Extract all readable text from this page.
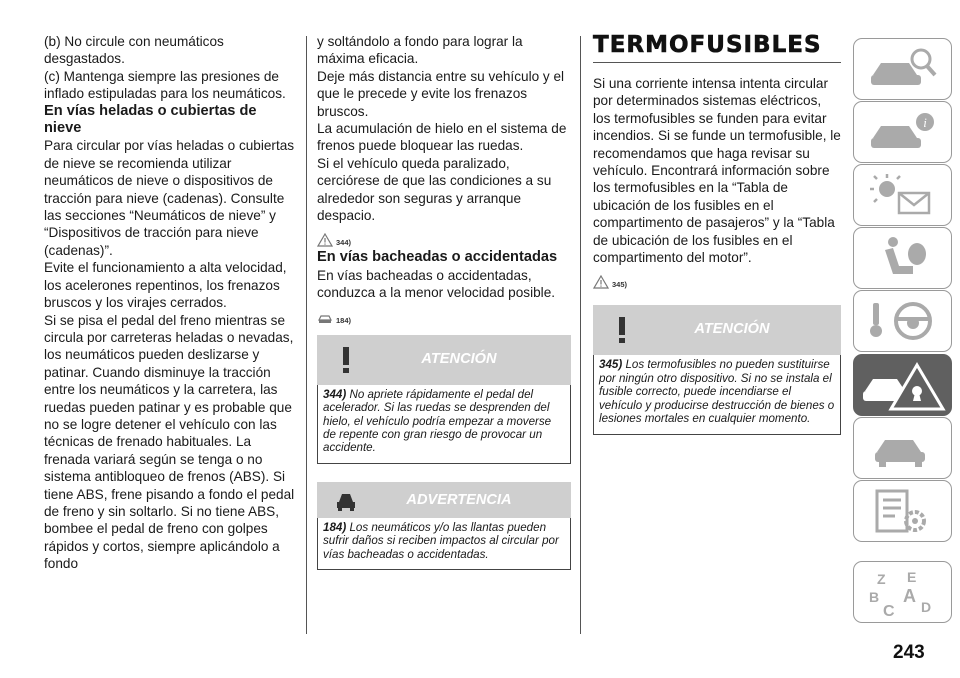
(b) No circule con neumáticos desgastados.

(c) Mantenga siempre las presiones de inflado estipuladas para los neumáticos.

En vías heladas o cubiertas de nieve

Para circular por vías heladas o cubiertas de nieve se recomienda utilizar neumáticos de nieve o dispositivos de tracción para nieve (cadenas). Consulte las secciones “Neumáticos de nieve” y “Dispositivos de tracción para nieve (cadenas)”.

Evite el funcionamiento a alta velocidad, los acelerones repentinos, los frenazos bruscos y los virajes cerrados.

Si se pisa el pedal del freno mientras se circula por carreteras heladas o nevadas, los neumáticos pueden deslizarse y patinar. Cuando disminuye la tracción entre los neumáticos y la carretera, las ruedas pueden patinar y es probable que no se logre detener el vehículo con las técnicas de frenado habituales. La frenada variará según se tenga o no sistema antibloqueo de frenos (ABS). Si tiene ABS, frene pisando a fondo el pedal de freno y sin soltarlo. Si no tiene ABS, bombee el pedal de freno con golpes rápidos y cortos, siempre aplicándolo a fondo

y soltándolo a fondo para lograr la máxima eficacia.

Deje más distancia entre su vehículo y el que le precede y evite los frenazos bruscos.

La acumulación de hielo en el sistema de frenos puede bloquear las ruedas.

Si el vehículo queda paralizado, cerciórese de que las condiciones a su alrededor son seguras y arranque despacio.

344)
En vías bacheadas o accidentadas

En vías bacheadas o accidentadas, conduzca a la menor velocidad posible.

184)
ATENCIÓN
344) No apriete rápidamente el pedal del acelerador. Si las ruedas se desprenden del hielo, el vehículo podría empezar a moverse de repente con gran riesgo de provocar un accidente.
ADVERTENCIA
184) Los neumáticos y/o las llantas pueden sufrir daños si reciben impactos al circular por vías bacheadas o accidentadas.
TERMOFUSIBLES

Si una corriente intensa intenta circular por determinados sistemas eléctricos, los termofusibles se funden para evitar incendios. Si se funde un termofusible, le recomendamos que haga revisar su vehículo. Encontrará información sobre los termofusibles en la “Tabla de ubicación de los fusibles en el compartimento de pasajeros” y la “Tabla de ubicación de los fusibles en el compartimento del motor”.

345)
ATENCIÓN
345) Los termofusibles no pueden sustituirse por ningún otro dispositivo. Si no se instala el fusible correcto, puede incendiarse el vehículo y producirse destrucción de bienes o lesiones mortales en cualquier momento.
i
Z E
B A
C D
243
